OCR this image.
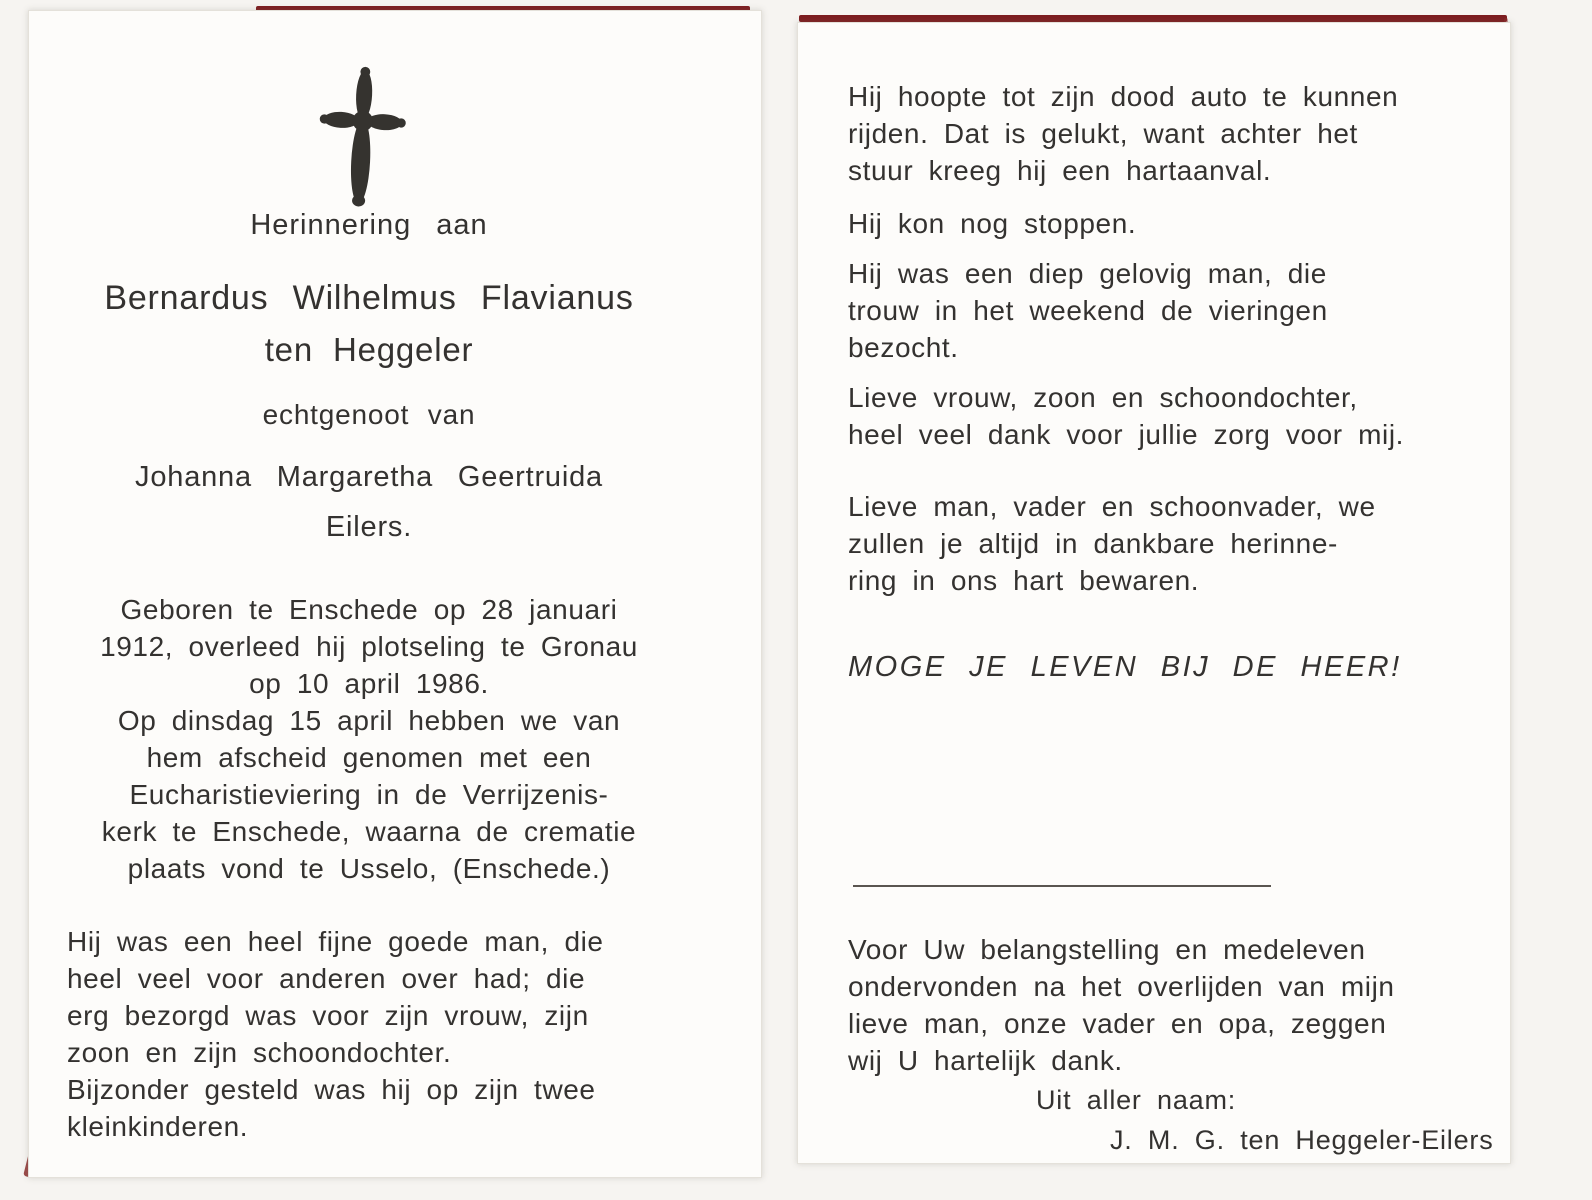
Herinnering aan
Bernardus Wilhelmus Flavianus
ten Heggeler
echtgenoot van
Johanna Margaretha Geertruida
Eilers.
Geboren te Enschede op 28 januari
1912, overleed hij plotseling te Gronau
op 10 april 1986.
Op dinsdag 15 april hebben we van
hem afscheid genomen met een
Eucharistieviering in de Verrijzenis-
kerk te Enschede, waarna de crematie
plaats vond te Usselo, (Enschede.)
Hij was een heel fijne goede man, die
heel veel voor anderen over had; die
erg bezorgd was voor zijn vrouw, zijn
zoon en zijn schoondochter.
Bijzonder gesteld was hij op zijn twee
kleinkinderen.
Hij hoopte tot zijn dood auto te kunnen
rijden. Dat is gelukt, want achter het
stuur kreeg hij een hartaanval.
Hij kon nog stoppen.
Hij was een diep gelovig man, die
trouw in het weekend de vieringen
bezocht.
Lieve vrouw, zoon en schoondochter,
heel veel dank voor jullie zorg voor mij.
Lieve man, vader en schoonvader, we
zullen je altijd in dankbare herinne-
ring in ons hart bewaren.
MOGE JE LEVEN BIJ DE HEER!
Voor Uw belangstelling en medeleven
ondervonden na het overlijden van mijn
lieve man, onze vader en opa, zeggen
wij U hartelijk dank.
Uit aller naam:
J. M. G. ten Heggeler-Eilers
